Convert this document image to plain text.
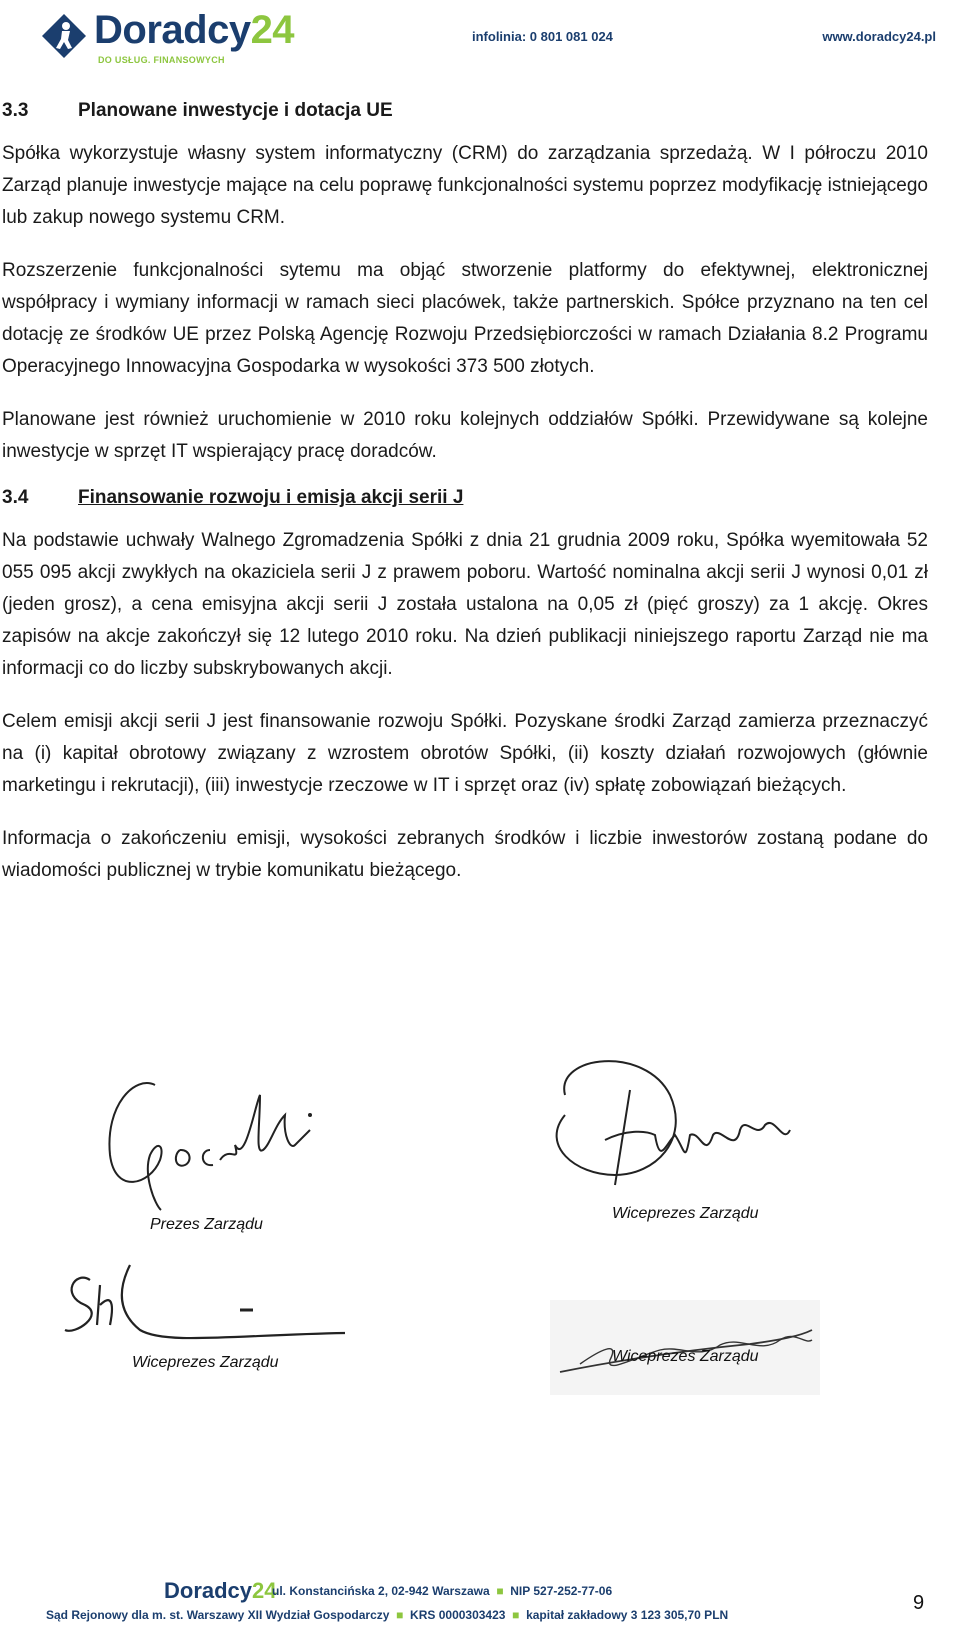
Doradcy24
DO USŁUG. FINANSOWYCH
infolinia: 0 801 081 024	www.doradcy24.pl
3.3	Planowane inwestycje i dotacja UE

Spółka wykorzystuje własny system informatyczny (CRM) do zarządzania sprzedażą. W I półroczu 2010 Zarząd planuje inwestycje mające na celu poprawę funkcjonalności systemu poprzez modyfikację istniejącego lub zakup nowego systemu CRM.

Rozszerzenie funkcjonalności sytemu ma objąć stworzenie platformy do efektywnej, elektronicznej współpracy i wymiany informacji w ramach sieci placówek, także partnerskich. Spółce przyznano na ten cel dotację ze środków UE przez Polską Agencję Rozwoju Przedsiębiorczości w ramach Działania 8.2 Programu Operacyjnego Innowacyjna Gospodarka w wysokości 373 500 złotych.

Planowane jest również uruchomienie w 2010 roku kolejnych oddziałów Spółki. Przewidywane są kolejne inwestycje w sprzęt IT wspierający pracę doradców.

3.4	Finansowanie rozwoju i emisja akcji serii J

Na podstawie uchwały Walnego Zgromadzenia Spółki z dnia 21 grudnia 2009 roku, Spółka wyemitowała 52 055 095 akcji zwykłych na okaziciela serii J z prawem poboru. Wartość nominalna akcji serii J wynosi 0,01 zł (jeden grosz), a cena emisyjna akcji serii J została ustalona na 0,05 zł (pięć groszy) za 1 akcję. Okres zapisów na akcje zakończył się 12 lutego 2010 roku. Na dzień publikacji niniejszego raportu Zarząd nie ma informacji co do liczby subskrybowanych akcji.

Celem emisji akcji serii J jest finansowanie rozwoju Spółki. Pozyskane środki Zarząd zamierza przeznaczyć na (i) kapitał obrotowy związany z wzrostem obrotów Spółki, (ii) koszty działań rozwojowych (głównie marketingu i rekrutacji), (iii) inwestycje rzeczowe w IT i sprzęt oraz (iv) spłatę zobowiązań bieżących.

Informacja o zakończeniu emisji, wysokości zebranych środków i liczbie inwestorów zostaną podane do wiadomości publicznej w trybie komunikatu bieżącego.

Prezes Zarządu
Wiceprezes Zarządu
Wiceprezes Zarządu	Wiceprezes Zarządu
Doradcy24
ul. Konstancińska 2, 02-942 Warszawa  ■  NIP 527-252-77-06
Sąd Rejonowy dla m. st. Warszawy XII Wydział Gospodarczy  ■  KRS 0000303423  ■  kapitał zakładowy 3 123 305,70 PLN
9
